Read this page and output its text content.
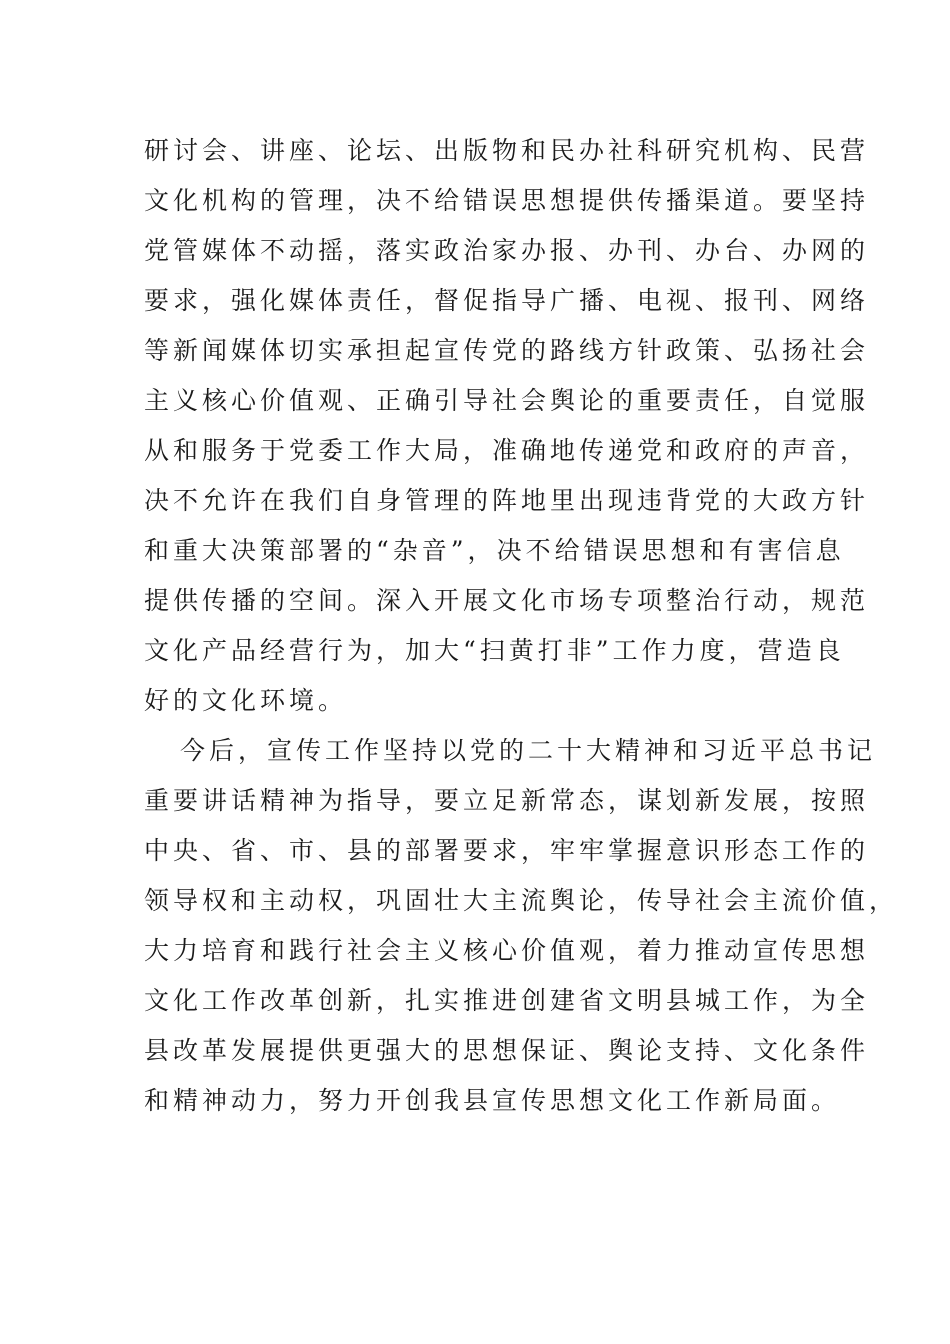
研讨会、讲座、论坛、出版物和民办社科研究机构、民营
文化机构的管理，决不给错误思想提供传播渠道。要坚持
党管媒体不动摇，落实政治家办报、办刊、办台、办网的
要求，强化媒体责任，督促指导广播、电视、报刊、网络
等新闻媒体切实承担起宣传党的路线方针政策、弘扬社会
主义核心价值观、正确引导社会舆论的重要责任，自觉服
从和服务于党委工作大局，准确地传递党和政府的声音，
决不允许在我们自身管理的阵地里出现违背党的大政方针
和重大决策部署的“杂音”，决不给错误思想和有害信息
提供传播的空间。深入开展文化市场专项整治行动，规范
文化产品经营行为，加大“扫黄打非”工作力度，营造良
好的文化环境。
今后，宣传工作坚持以党的二十大精神和习近平总书记
重要讲话精神为指导，要立足新常态，谋划新发展，按照
中央、省、市、县的部署要求，牢牢掌握意识形态工作的
领导权和主动权，巩固壮大主流舆论，传导社会主流价值，
大力培育和践行社会主义核心价值观，着力推动宣传思想
文化工作改革创新，扎实推进创建省文明县城工作，为全
县改革发展提供更强大的思想保证、舆论支持、文化条件
和精神动力，努力开创我县宣传思想文化工作新局面。
